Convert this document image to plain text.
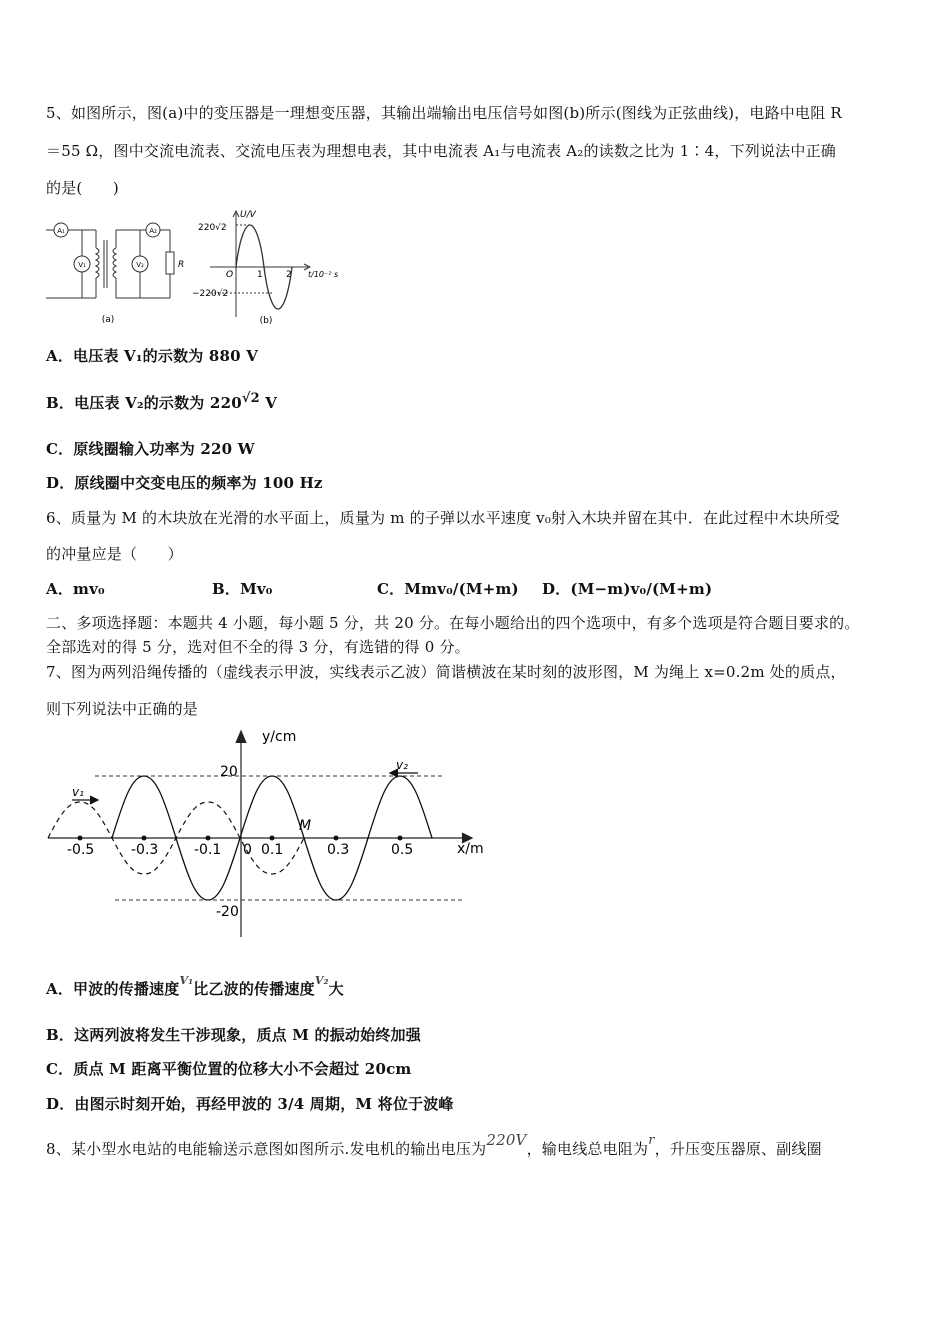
5、如图所示，图(a)中的变压器是一理想变压器，其输出端输出电压信号如图(b)所示(图线为正弦曲线)，电路中电阻 R
＝55 Ω，图中交流电流表、交流电压表为理想电表，其中电流表 A₁与电流表 A₂的读数之比为 1∶4，下列说法中正确
的是(　　)
A₁	A₂
V₁	V₂	R
(a)
U/V
220√2
−220√2
O	1	2 t/10⁻² s
(b)
A．电压表 V₁的示数为 880 V
B．电压表 V₂的示数为 220√2 V
C．原线圈输入功率为 220 W
D．原线圈中交变电压的频率为 100 Hz
6、质量为 M 的木块放在光滑的水平面上，质量为 m 的子弹以水平速度 v₀射入木块并留在其中．在此过程中木块所受
的冲量应是（　　）
A．mv₀	B．Mv₀	C．Mmv₀/(M+m) D．(M−m)v₀/(M+m)
二、多项选择题：本题共 4 小题，每小题 5 分，共 20 分。在每小题给出的四个选项中，有多个选项是符合题目要求的。
全部选对的得 5 分，选对但不全的得 3 分，有选错的得 0 分。
7、图为两列沿绳传播的（虚线表示甲波，实线表示乙波）简谐横波在某时刻的波形图，M 为绳上 x=0.2m 处的质点，
则下列说法中正确的是
y/cm
x/m
20
-20
-0.5	-0.3	-0.1 0 0.1	0.3	0.5
M
v₁
v₂
A．甲波的传播速度$^{V_1}$比乙波的传播速度$^{V_2}$大
B．这两列波将发生干涉现象，质点 M 的振动始终加强
C．质点 M 距离平衡位置的位移大小不会超过 20cm
D．由图示时刻开始，再经甲波的 3/4 周期，M 将位于波峰
8、某小型水电站的电能输送示意图如图所示.发电机的输出电压为220V，输电线总电阻为r，升压变压器原、副线圈
